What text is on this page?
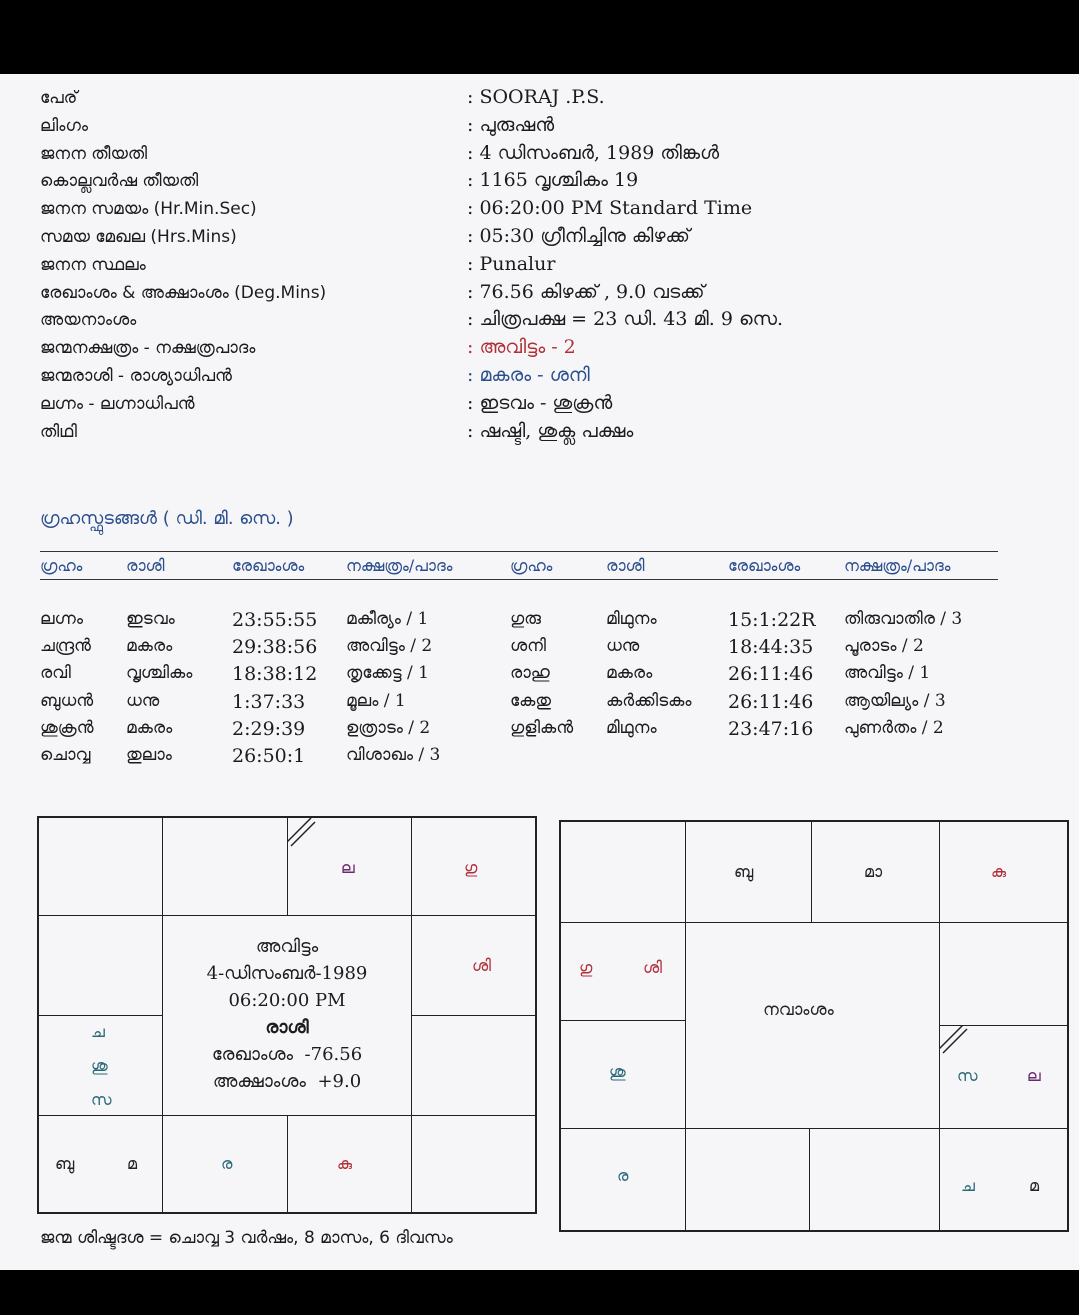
പേര്	: SOORAJ .P.S.
ലിംഗം	: പുരുഷൻ
ജനന തീയതി	: 4 ഡിസംബർ, 1989 തിങ്കൾ
കൊല്ലവർഷ തീയതി	: 1165 വൃശ്ചികം 19
ജനന സമയം (Hr.Min.Sec)	: 06:20:00 PM Standard Time
സമയ മേഖല (Hrs.Mins)	: 05:30 ഗ്രീനിച്ചിനു കിഴക്ക്
ജനന സ്ഥലം	: Punalur
രേഖാംശം & അക്ഷാംശം (Deg.Mins)	: 76.56 കിഴക്ക് , 9.0 വടക്ക്
അയനാംശം	: ചിത്രപക്ഷ = 23 ഡി. 43 മി. 9 സെ.
ജന്മനക്ഷത്രം - നക്ഷത്രപാദം	: അവിട്ടം - 2
ജന്മരാശി - രാശ്യാധിപൻ	: മകരം - ശനി
ലഗ്നം - ലഗ്നാധിപൻ	: ഇടവം - ശുക്രൻ
തിഥി	: ഷഷ്ടി, ശുക്ല പക്ഷം
ഗ്രഹസ്ഫുടങ്ങൾ ( ഡി. മി. സെ. )
ഗ്രഹം	രാശി	രേഖാംശം	നക്ഷത്രം/പാദം	ഗ്രഹം	രാശി	രേഖാംശം	നക്ഷത്രം/പാദം
ലഗ്നം	ഇടവം	23:55:55 മകീര്യം / 1	ഗുരു	മിഥുനം	15:1:22R തിരുവാതിര / 3
ചന്ദ്രൻ മകരം	29:38:56 അവിട്ടം / 2	ശനി	ധനു	18:44:35 പൂരാടം / 2
രവി	വൃശ്ചികം 18:38:12 തൃക്കേട്ട / 1	രാഹു	മകരം	26:11:46 അവിട്ടം / 1
ബുധൻ ധനു	1:37:33 മൂലം / 1	കേതു	കർക്കിടകം 26:11:46 ആയില്യം / 3
ശുക്രൻ മകരം	2:29:39 ഉത്രാടം / 2	ഗുളികൻ മിഥുനം	23:47:16 പുണർതം / 2
ചൊവ്വ തുലാം	26:50:1 വിശാഖം / 3
ല	ഗു
ശി
ച
ശു
സ
ബു	മ	ര	കു
അവിട്ടം
4-ഡിസംബർ-1989
06:20:00 PM
രാശി
രേഖാംശം -76.56
അക്ഷാംശം +9.0
ബു	മാ	കു
ഗു	ശി
നവാംശം
ശു	സ	ല
ര
ച	മ
ജന്മ ശിഷ്ടദശ = ചൊവ്വ 3 വർഷം, 8 മാസം, 6 ദിവസം
